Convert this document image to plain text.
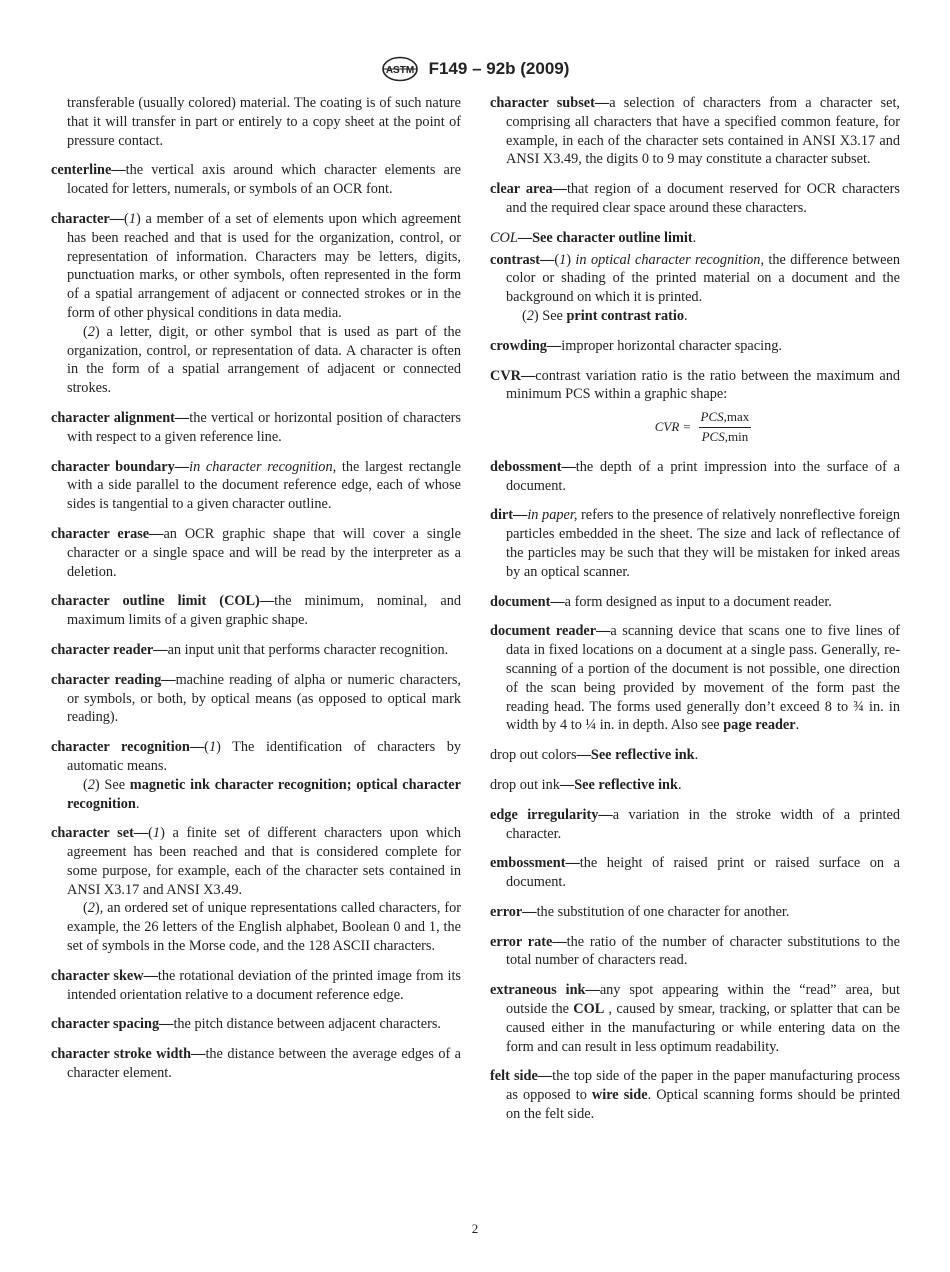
ASTM F149 – 92b (2009)

transferable (usually colored) material. The coating is of such nature that it will transfer in part or entirely to a copy sheet at the point of pressure contact.

centerline—the vertical axis around which character elements are located for letters, numerals, or symbols of an OCR font.

character—(1) a member of a set of elements upon which agreement has been reached and that is used for the organization, control, or representation of information. Characters may be letters, digits, punctuation marks, or other symbols, often represented in the form of a spatial arrangement of adjacent or connected strokes or in the form of other physical conditions in data media.
(2) a letter, digit, or other symbol that is used as part of the organization, control, or representation of data. A character is often in the form of a spatial arrangement of adjacent or connected strokes.

character alignment—the vertical or horizontal position of characters with respect to a given reference line.

character boundary—in character recognition, the largest rectangle with a side parallel to the document reference edge, each of whose sides is tangential to a given character outline.

character erase—an OCR graphic shape that will cover a single character or a single space and will be read by the interpreter as a deletion.

character outline limit (COL)—the minimum, nominal, and maximum limits of a given graphic shape.

character reader—an input unit that performs character recognition.

character reading—machine reading of alpha or numeric characters, or symbols, or both, by optical means (as opposed to optical mark reading).

character recognition—(1) The identification of characters by automatic means.
(2) See magnetic ink character recognition; optical character recognition.
character set—(1) a finite set of different characters upon which agreement has been reached and that is considered complete for some purpose, for example, each of the character sets contained in ANSI X3.17 and ANSI X3.49.
(2), an ordered set of unique representations called characters, for example, the 26 letters of the English alphabet, Boolean 0 and 1, the set of symbols in the Morse code, and the 128 ASCII characters.

character skew—the rotational deviation of the printed image from its intended orientation relative to a document reference edge.

character spacing—the pitch distance between adjacent characters.

character stroke width—the distance between the average edges of a character element.

character subset—a selection of characters from a character set, comprising all characters that have a specified common feature, for example, in each of the character sets contained in ANSI X3.17 and ANSI X3.49, the digits 0 to 9 may constitute a character subset.

clear area—that region of a document reserved for OCR characters and the required clear space around these characters.

COL—See character outline limit.

contrast—(1) in optical character recognition, the difference between color or shading of the printed material on a document and the background on which it is printed.
(2) See print contrast ratio.

crowding—improper horizontal character spacing.

CVR—contrast variation ratio is the ratio between the maximum and minimum PCS within a graphic shape:
CVR = $\frac{\text{PCS,max}}{\text{PCS,min}}$

debossment—the depth of a print impression into the surface of a document.

dirt—in paper, refers to the presence of relatively nonreflective foreign particles embedded in the sheet. The size and lack of reflectance of the particles may be such that they will be mistaken for inked areas by an optical scanner.

document—a form designed as input to a document reader.

document reader—a scanning device that scans one to five lines of data in fixed locations on a document at a single pass. Generally, re-scanning of a portion of the document is not possible, one direction of the scan being provided by movement of the form past the reading head. The forms used generally don’t exceed 8 to ¾ in. in width by 4 to ¼ in. in depth. Also see page reader.

drop out colors—See reflective ink.

drop out ink—See reflective ink.

edge irregularity—a variation in the stroke width of a printed character.

embossment—the height of raised print or raised surface on a document.

error—the substitution of one character for another.

error rate—the ratio of the number of character substitutions to the total number of characters read.

extraneous ink—any spot appearing within the “read” area, but outside the COL , caused by smear, tracking, or splatter that can be caused either in the manufacturing or while entering data on the form and can result in less optimum readability.

felt side—the top side of the paper in the paper manufacturing process as opposed to wire side. Optical scanning forms should be printed on the felt side.

2
